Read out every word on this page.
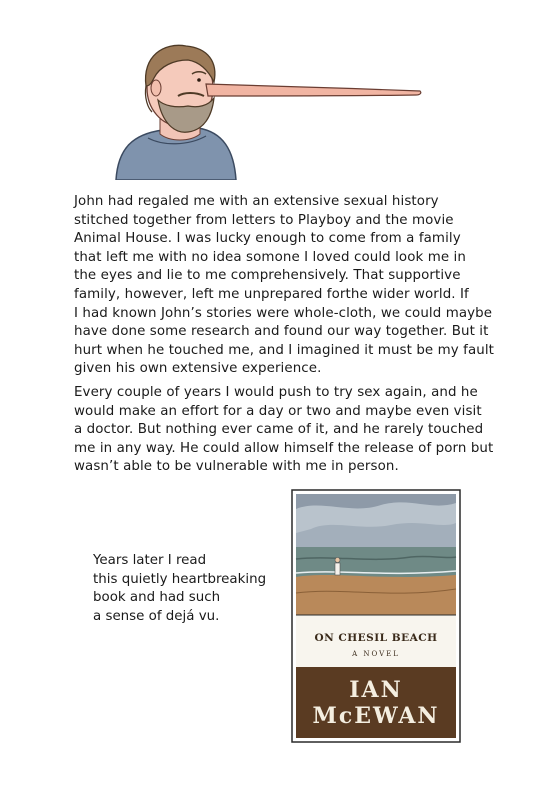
John had regaled me with an extensive sexual history
stitched together from letters to Playboy and the movie
Animal House. I was lucky enough to come from a family
that left me with no idea somone I loved could look me in
the eyes and lie to me comprehensively. That supportive
family, however, left me unprepared forthe wider world. If
I had known John’s stories were whole-cloth, we could maybe
have done some research and found our way together. But it
hurt when he touched me, and I imagined it must be my fault
given his own extensive experience.
Every couple of years I would push to try sex again, and he
would make an effort for a day or two and maybe even visit
a doctor. But nothing ever came of it, and he rarely touched
me in any way. He could allow himself the release of porn but
wasn’t able to be vulnerable with me in person.
Years later I read
this quietly heartbreaking
book and had such
a sense of dejá vu.
ON CHESIL BEACH
A NOVEL
IAN
McEWAN
